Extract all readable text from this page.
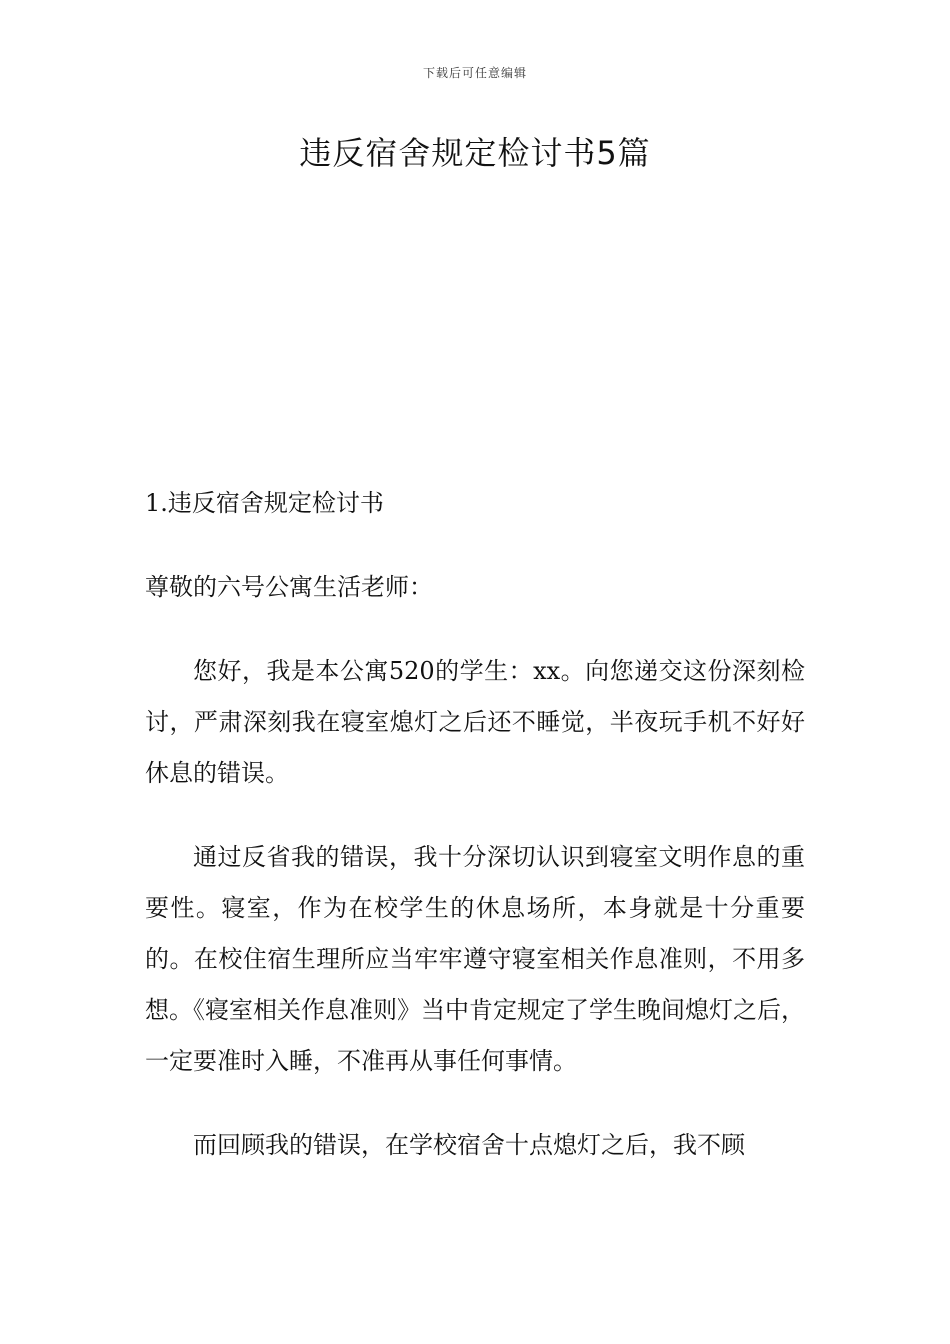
下载后可任意编辑
违反宿舍规定检讨书5篇

1.违反宿舍规定检讨书

尊敬的六号公寓生活老师：

您好，我是本公寓520的学生：xx。向您递交这份深刻检讨，严肃深刻我在寝室熄灯之后还不睡觉，半夜玩手机不好好休息的错误。

通过反省我的错误，我十分深切认识到寝室文明作息的重要性。寝室，作为在校学生的休息场所，本身就是十分重要的。在校住宿生理所应当牢牢遵守寝室相关作息准则，不用多想。《寝室相关作息准则》当中肯定规定了学生晚间熄灯之后，一定要准时入睡，不准再从事任何事情。

而回顾我的错误，在学校宿舍十点熄灯之后，我不顾
